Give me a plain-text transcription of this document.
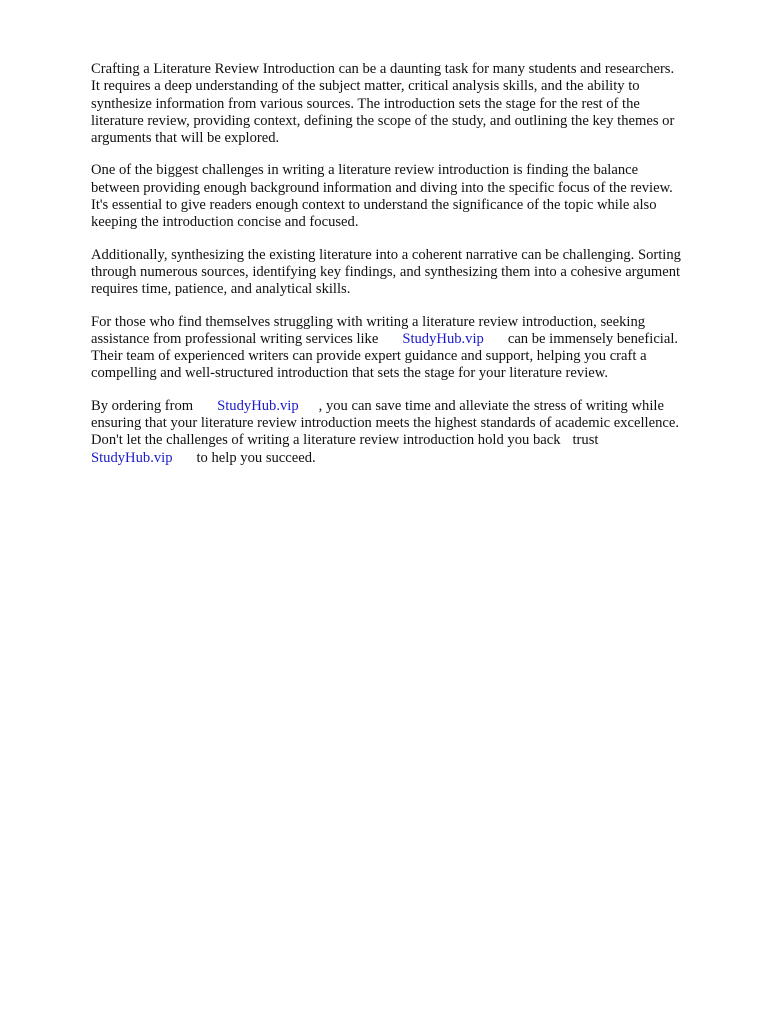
Crafting a Literature Review Introduction can be a daunting task for many students and researchers.
It requires a deep understanding of the subject matter, critical analysis skills, and the ability to
synthesize information from various sources. The introduction sets the stage for the rest of the
literature review, providing context, defining the scope of the study, and outlining the key themes or
arguments that will be explored.
One of the biggest challenges in writing a literature review introduction is finding the balance
between providing enough background information and diving into the specific focus of the review.
It's essential to give readers enough context to understand the significance of the topic while also
keeping the introduction concise and focused.
Additionally, synthesizing the existing literature into a coherent narrative can be challenging. Sorting
through numerous sources, identifying key findings, and synthesizing them into a cohesive argument
requires time, patience, and analytical skills.
For those who find themselves struggling with writing a literature review introduction, seeking
assistance from professional writing services like StudyHub.vip can be immensely beneficial.
Their team of experienced writers can provide expert guidance and support, helping you craft a
compelling and well-structured introduction that sets the stage for your literature review.
By ordering from StudyHub.vip , you can save time and alleviate the stress of writing while
ensuring that your literature review introduction meets the highest standards of academic excellence.
Don't let the challenges of writing a literature review introduction hold you back trust
StudyHub.vip to help you succeed.
